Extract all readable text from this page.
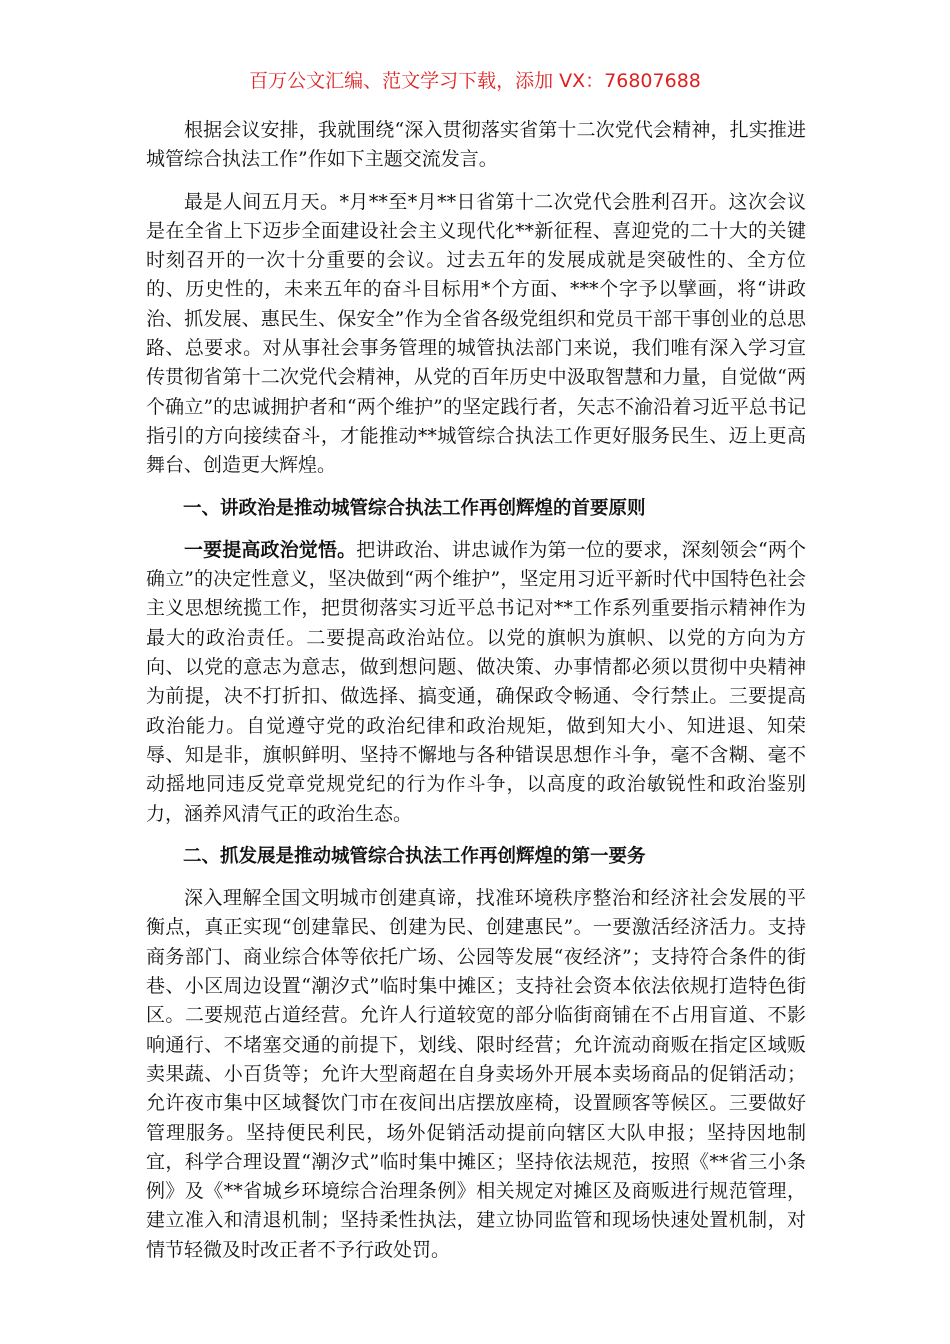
百万公文汇编、范文学习下载，添加 VX：76807688

根据会议安排，我就围绕“深入贯彻落实省第十二次党代会精神，扎实推进城管综合执法工作”作如下主题交流发言。

最是人间五月天。*月**至*月**日省第十二次党代会胜利召开。这次会议是在全省上下迈步全面建设社会主义现代化**新征程、喜迎党的二十大的关键时刻召开的一次十分重要的会议。过去五年的发展成就是突破性的、全方位的、历史性的，未来五年的奋斗目标用*个方面、***个字予以擘画，将“讲政治、抓发展、惠民生、保安全”作为全省各级党组织和党员干部干事创业的总思路、总要求。对从事社会事务管理的城管执法部门来说，我们唯有深入学习宣传贯彻省第十二次党代会精神，从党的百年历史中汲取智慧和力量，自觉做“两个确立”的忠诚拥护者和“两个维护”的坚定践行者，矢志不渝沿着习近平总书记指引的方向接续奋斗，才能推动**城管综合执法工作更好服务民生、迈上更高舞台、创造更大辉煌。

一、讲政治是推动城管综合执法工作再创辉煌的首要原则

一要提高政治觉悟。把讲政治、讲忠诚作为第一位的要求，深刻领会“两个确立”的决定性意义，坚决做到“两个维护”，坚定用习近平新时代中国特色社会主义思想统揽工作，把贯彻落实习近平总书记对**工作系列重要指示精神作为最大的政治责任。二要提高政治站位。以党的旗帜为旗帜、以党的方向为方向、以党的意志为意志，做到想问题、做决策、办事情都必须以贯彻中央精神为前提，决不打折扣、做选择、搞变通，确保政令畅通、令行禁止。三要提高政治能力。自觉遵守党的政治纪律和政治规矩，做到知大小、知进退、知荣辱、知是非，旗帜鲜明、坚持不懈地与各种错误思想作斗争，毫不含糊、毫不动摇地同违反党章党规党纪的行为作斗争，以高度的政治敏锐性和政治鉴别力，涵养风清气正的政治生态。

二、抓发展是推动城管综合执法工作再创辉煌的第一要务

深入理解全国文明城市创建真谛，找准环境秩序整治和经济社会发展的平衡点，真正实现“创建靠民、创建为民、创建惠民”。一要激活经济活力。支持商务部门、商业综合体等依托广场、公园等发展“夜经济”；支持符合条件的街巷、小区周边设置“潮汐式”临时集中摊区；支持社会资本依法依规打造特色街区。二要规范占道经营。允许人行道较宽的部分临街商铺在不占用盲道、不影响通行、不堵塞交通的前提下，划线、限时经营；允许流动商贩在指定区域贩卖果蔬、小百货等；允许大型商超在自身卖场外开展本卖场商品的促销活动；允许夜市集中区域餐饮门市在夜间出店摆放座椅，设置顾客等候区。三要做好管理服务。坚持便民利民，场外促销活动提前向辖区大队申报；坚持因地制宜，科学合理设置“潮汐式”临时集中摊区；坚持依法规范，按照《**省三小条例》及《**省城乡环境综合治理条例》相关规定对摊区及商贩进行规范管理，建立准入和清退机制；坚持柔性执法，建立协同监管和现场快速处置机制，对情节轻微及时改正者不予行政处罚。
